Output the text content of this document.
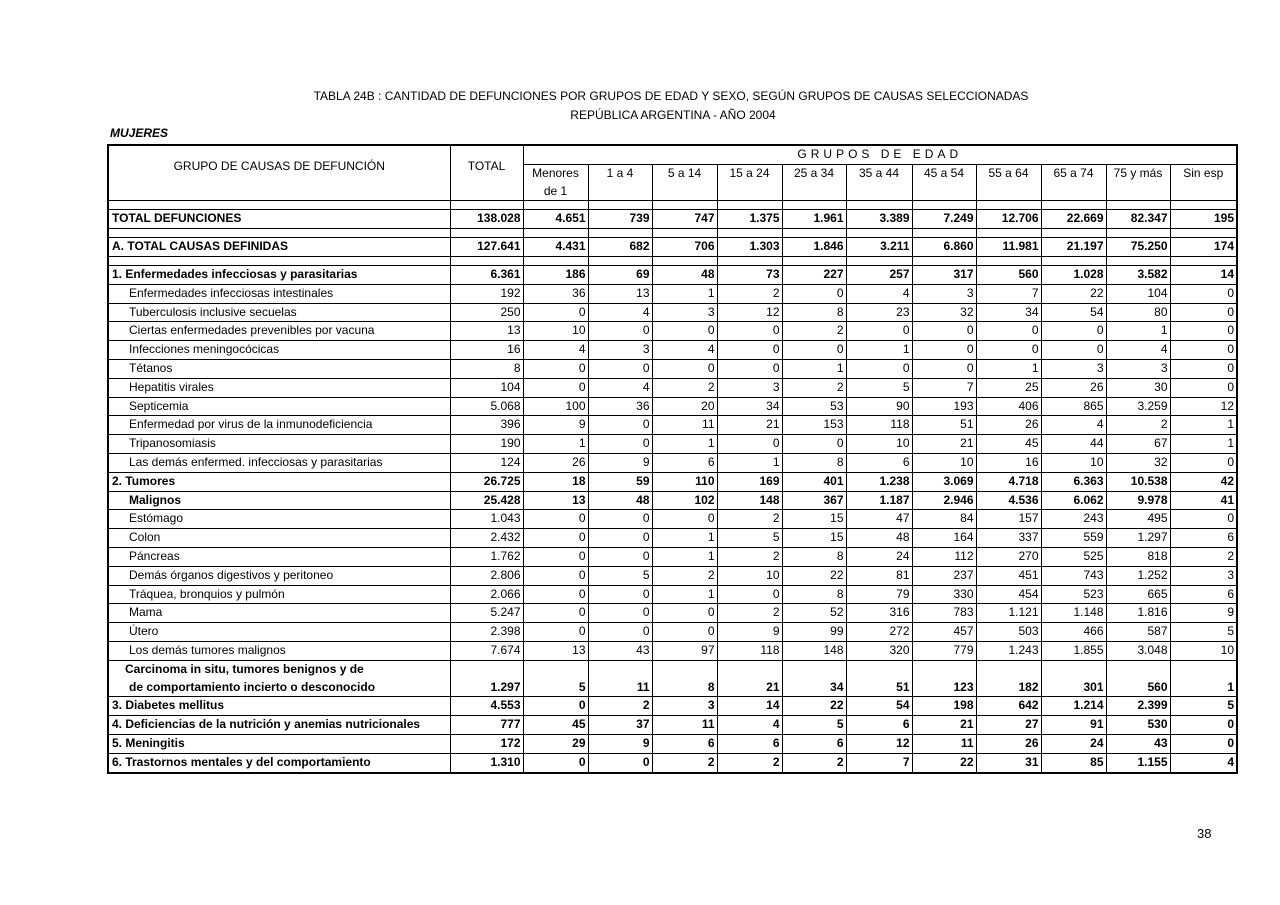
TABLA 24B : CANTIDAD DE DEFUNCIONES POR GRUPOS DE EDAD Y SEXO, SEGÚN GRUPOS DE CAUSAS SELECCIONADAS
REPÚBLICA ARGENTINA - AÑO 2004
MUJERES
GRUPO DE CAUSAS DE DEFUNCIÓN	TOTAL	GRUPOS DE EDAD										
		Menores	1 a 4	5 a 14	15 a 24	25 a 34	35 a 44	45 a 54	55 a 64	65 a 74	75 y más	Sin esp
		de 1										

TOTAL DEFUNCIONES	138.028	4.651	739	747	1.375	1.961	3.389	7.249	12.706	22.669	82.347	195

A. TOTAL CAUSAS DEFINIDAS	127.641	4.431	682	706	1.303	1.846	3.211	6.860	11.981	21.197	75.250	174

1. Enfermedades infecciosas y parasitarias	6.361	186	69	48	73	227	257	317	560	1.028	3.582	14
Enfermedades infecciosas intestinales	192	36	13	1	2	0	4	3	7	22	104	0
Tuberculosis inclusive secuelas	250	0	4	3	12	8	23	32	34	54	80	0
Ciertas enfermedades prevenibles por vacuna	13	10	0	0	0	2	0	0	0	0	1	0
Infecciones meningocócicas	16	4	3	4	0	0	1	0	0	0	4	0
Tétanos	8	0	0	0	0	1	0	0	1	3	3	0
Hepatitis virales	104	0	4	2	3	2	5	7	25	26	30	0
Septicemia	5.068	100	36	20	34	53	90	193	406	865	3.259	12
Enfermedad por virus de la inmunodeficiencia	396	9	0	11	21	153	118	51	26	4	2	1
Tripanosomiasis	190	1	0	1	0	0	10	21	45	44	67	1
Las demás enfermed. infecciosas y parasitarias	124	26	9	6	1	8	6	10	16	10	32	0
2. Tumores	26.725	18	59	110	169	401	1.238	3.069	4.718	6.363	10.538	42
Malignos	25.428	13	48	102	148	367	1.187	2.946	4.536	6.062	9.978	41
Estómago	1.043	0	0	0	2	15	47	84	157	243	495	0
Colon	2.432	0	0	1	5	15	48	164	337	559	1.297	6
Páncreas	1.762	0	0	1	2	8	24	112	270	525	818	2
Demás órganos digestivos y peritoneo	2.806	0	5	2	10	22	81	237	451	743	1.252	3
Tráquea, bronquios y pulmón	2.066	0	0	1	0	8	79	330	454	523	665	6
Mama	5.247	0	0	0	2	52	316	783	1.121	1.148	1.816	9
Útero	2.398	0	0	0	9	99	272	457	503	466	587	5
Los demás tumores malignos	7.674	13	43	97	118	148	320	779	1.243	1.855	3.048	10
Carcinoma in situ, tumores benignos y de												
de comportamiento incierto o desconocido	1.297	5	11	8	21	34	51	123	182	301	560	1
3. Diabetes mellitus	4.553	0	2	3	14	22	54	198	642	1.214	2.399	5
4. Deficiencias de la nutrición y anemias nutricionales	777	45	37	11	4	5	6	21	27	91	530	0
5. Meningitis	172	29	9	6	6	6	12	11	26	24	43	0
6. Trastornos mentales y del comportamiento	1.310	0	0	2	2	2	7	22	31	85	1.155	4
38
